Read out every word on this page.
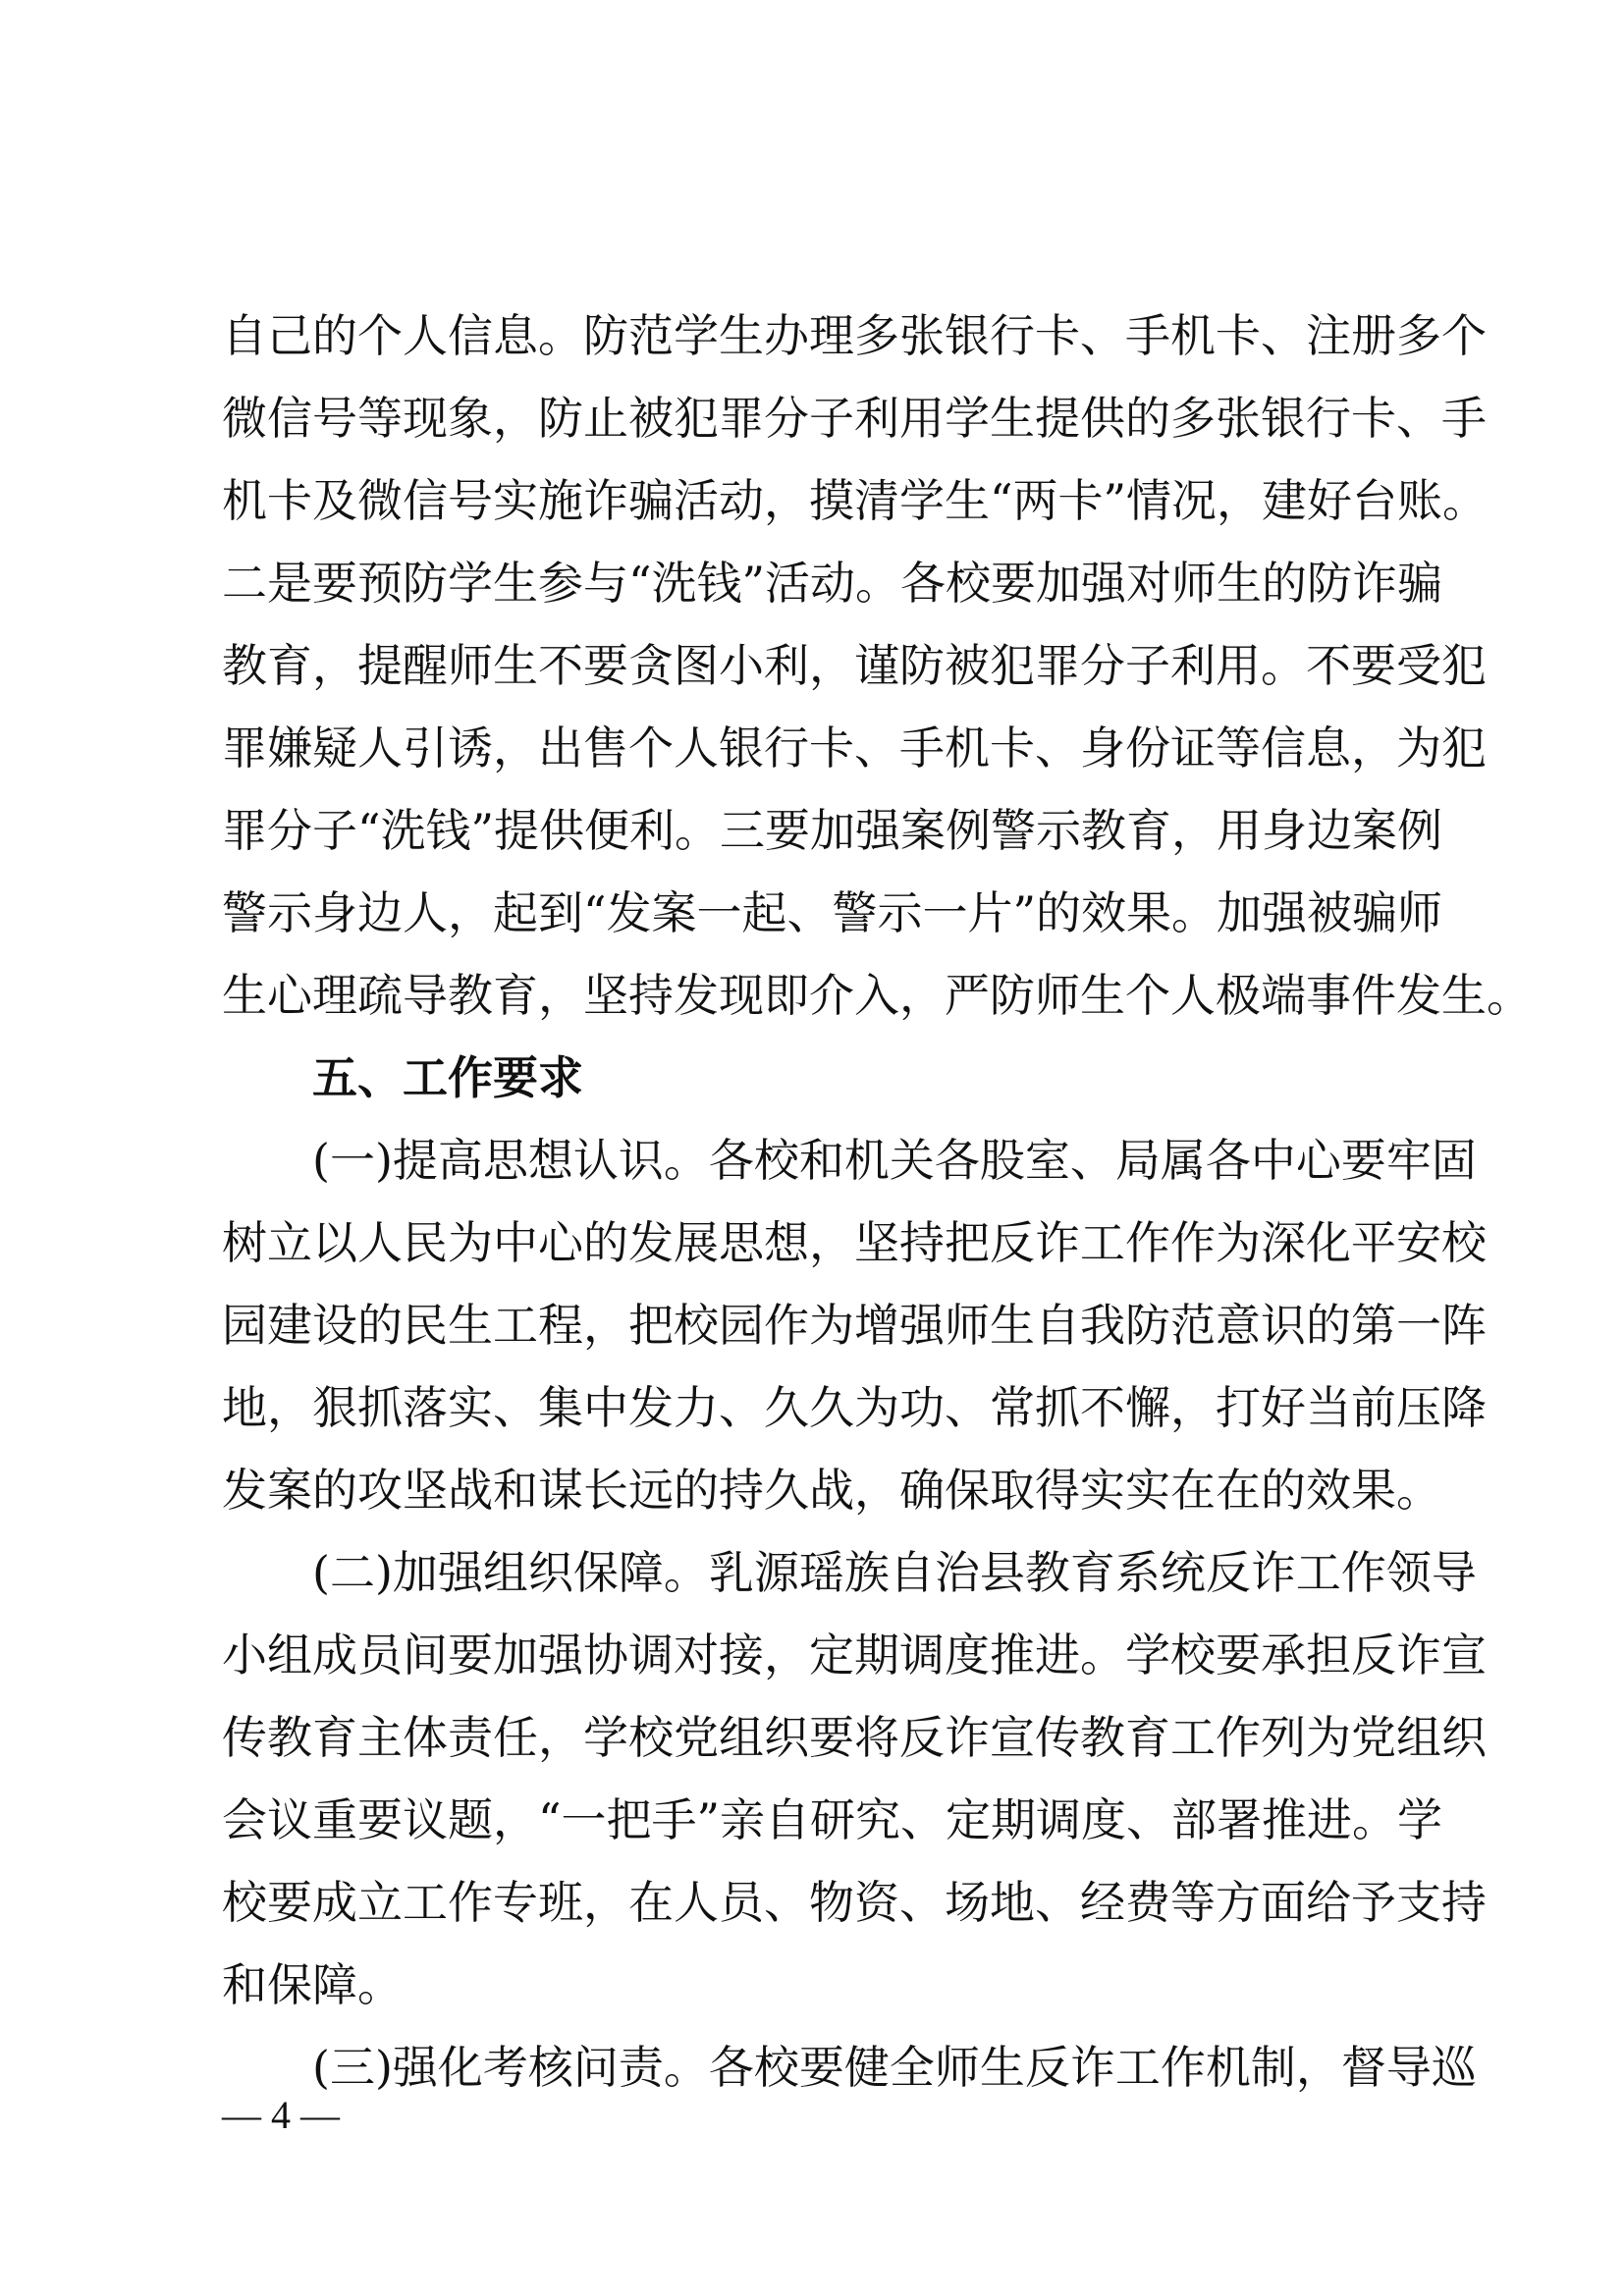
自己的个人信息。防范学生办理多张银行卡、手机卡、注册多个
微信号等现象，防止被犯罪分子利用学生提供的多张银行卡、手
机卡及微信号实施诈骗活动，摸清学生“两卡”情况，建好台账。
二是要预防学生参与“洗钱”活动。各校要加强对师生的防诈骗
教育，提醒师生不要贪图小利，谨防被犯罪分子利用。不要受犯
罪嫌疑人引诱，出售个人银行卡、手机卡、身份证等信息，为犯
罪分子“洗钱”提供便利。三要加强案例警示教育，用身边案例
警示身边人，起到“发案一起、警示一片”的效果。加强被骗师
生心理疏导教育，坚持发现即介入，严防师生个人极端事件发生。
五、工作要求
(一)提高思想认识。各校和机关各股室、局属各中心要牢固
树立以人民为中心的发展思想，坚持把反诈工作作为深化平安校
园建设的民生工程，把校园作为增强师生自我防范意识的第一阵
地，狠抓落实、集中发力、久久为功、常抓不懈，打好当前压降
发案的攻坚战和谋长远的持久战，确保取得实实在在的效果。
(二)加强组织保障。乳源瑶族自治县教育系统反诈工作领导
小组成员间要加强协调对接，定期调度推进。学校要承担反诈宣
传教育主体责任，学校党组织要将反诈宣传教育工作列为党组织
会议重要议题，“一把手”亲自研究、定期调度、部署推进。学
校要成立工作专班，在人员、物资、场地、经费等方面给予支持
和保障。
(三)强化考核问责。各校要健全师生反诈工作机制，督导巡
— 4 —
